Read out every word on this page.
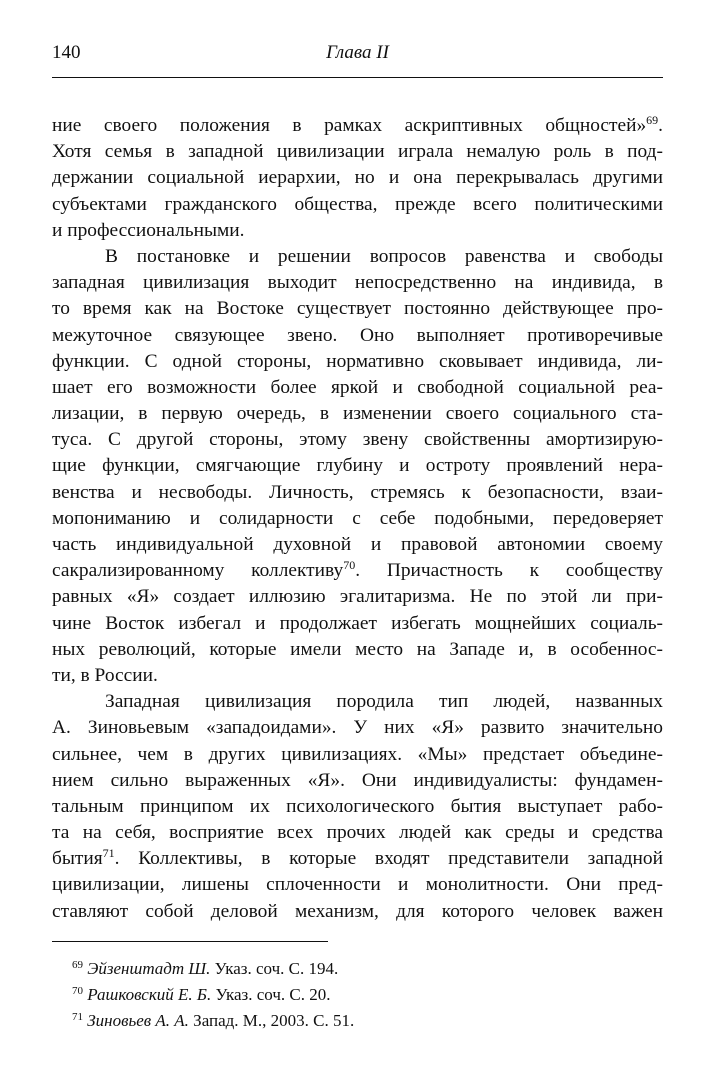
140	Глава II
ние своего положения в рамках аскриптивных общностей»$^{69}$.
Хотя семья в западной цивилизации играла немалую роль в под-
держании социальной иерархии, но и она перекрывалась другими
субъектами гражданского общества, прежде всего политическими
и профессиональными.
В постановке и решении вопросов равенства и свободы
западная цивилизация выходит непосредственно на индивида, в
то время как на Востоке существует постоянно действующее про-
межуточное связующее звено. Оно выполняет противоречивые
функции. С одной стороны, нормативно сковывает индивида, ли-
шает его возможности более яркой и свободной социальной реа-
лизации, в первую очередь, в изменении своего социального ста-
туса. С другой стороны, этому звену свойственны амортизирую-
щие функции, смягчающие глубину и остроту проявлений нера-
венства и несвободы. Личность, стремясь к безопасности, взаи-
мопониманию и солидарности с себе подобными, передоверяет
часть индивидуальной духовной и правовой автономии своему
сакрализированному коллективу$^{70}$. Причастность к сообществу
равных «Я» создает иллюзию эгалитаризма. Не по этой ли при-
чине Восток избегал и продолжает избегать мощнейших социаль-
ных революций, которые имели место на Западе и, в особеннос-
ти, в России.
Западная цивилизация породила тип людей, названных
А. Зиновьевым «западоидами». У них «Я» развито значительно
сильнее, чем в других цивилизациях. «Мы» предстает объедине-
нием сильно выраженных «Я». Они индивидуалисты: фундамен-
тальным принципом их психологического бытия выступает рабо-
та на себя, восприятие всех прочих людей как среды и средства
бытия$^{71}$. Коллективы, в которые входят представители западной
цивилизации, лишены сплоченности и монолитности. Они пред-
ставляют собой деловой механизм, для которого человек важен
$^{69}$ Эйзенштадт Ш. Указ. соч. С. 194.
$^{70}$ Рашковский Е. Б. Указ. соч. С. 20.
$^{71}$ Зиновьев А. А. Запад. М., 2003. С. 51.
